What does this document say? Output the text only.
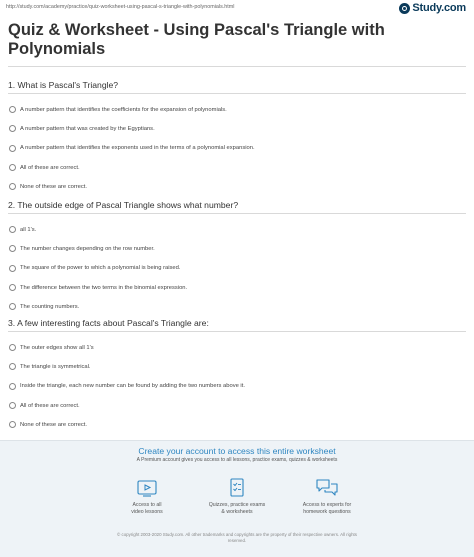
http://study.com/academy/practice/quiz-worksheet-using-pascal-s-triangle-with-polynomials.html	Study.com
Quiz & Worksheet - Using Pascal's Triangle with Polynomials
1. What is Pascal's Triangle?
A number pattern that identifies the coefficients for the expansion of polynomials.
A number pattern that was created by the Egyptians.
A number pattern that identifies the exponents used in the terms of a polynomial expansion.
All of these are correct.
None of these are correct.
2. The outside edge of Pascal Triangle shows what number?
all 1's.
The number changes depending on the row number.
The square of the power to which a polynomial is being raised.
The difference between the two terms in the binomial expression.
The counting numbers.
3. A few interesting facts about Pascal's Triangle are:
The outer edges show all 1's
The triangle is symmetrical.
Inside the triangle, each new number can be found by adding the two numbers above it.
All of these are correct.
None of these are correct.
Create your account to access this entire worksheet
A Premium account gives you access to all lessons, practice exams, quizzes & worksheets
Access to all
video lessons
Quizzes, practice exams
& worksheets
Access to experts for
homework questions
© copyright 2003-2020 Study.com. All other trademarks and copyrights are the property of their respective owners. All rights
reserved.
